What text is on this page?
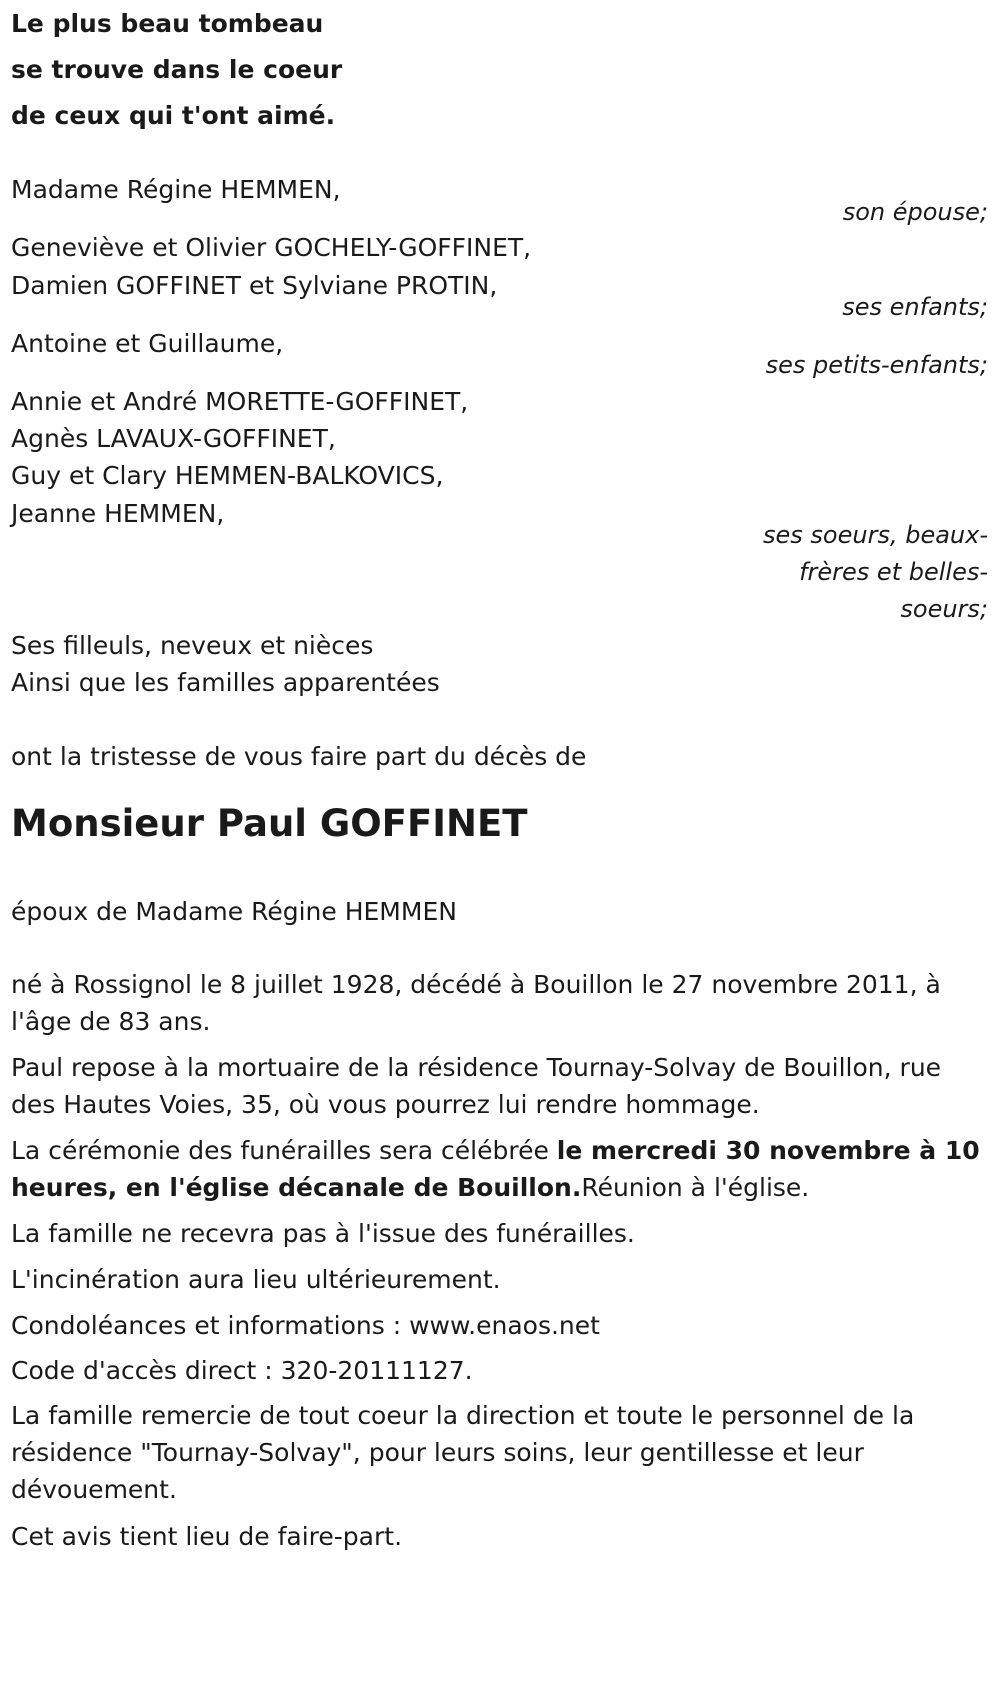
Le plus beau tombeau
se trouve dans le coeur
de ceux qui t'ont aimé.
Madame Régine HEMMEN,
son épouse;
Geneviève et Olivier GOCHELY-GOFFINET,
Damien GOFFINET et Sylviane PROTIN,
ses enfants;
Antoine et Guillaume,
ses petits-enfants;
Annie et André MORETTE-GOFFINET,
Agnès LAVAUX-GOFFINET,
Guy et Clary HEMMEN-BALKOVICS,
Jeanne HEMMEN,
ses soeurs, beaux-
frères et belles-
soeurs;
Ses filleuls, neveux et nièces
Ainsi que les familles apparentées
ont la tristesse de vous faire part du décès de
Monsieur Paul GOFFINET
époux de Madame Régine HEMMEN
né à Rossignol le 8 juillet 1928, décédé à Bouillon le 27 novembre 2011, à l'âge de 83 ans.
Paul repose à la mortuaire de la résidence Tournay-Solvay de Bouillon, rue des Hautes Voies, 35, où vous pourrez lui rendre hommage.
La cérémonie des funérailles sera célébrée le mercredi 30 novembre à 10 heures, en l'église décanale de Bouillon.Réunion à l'église.
La famille ne recevra pas à l'issue des funérailles.
L'incinération aura lieu ultérieurement.
Condoléances et informations : www.enaos.net
Code d'accès direct : 320-20111127.
La famille remercie de tout coeur la direction et toute le personnel de la résidence "Tournay-Solvay", pour leurs soins, leur gentillesse et leur dévouement.
Cet avis tient lieu de faire-part.
